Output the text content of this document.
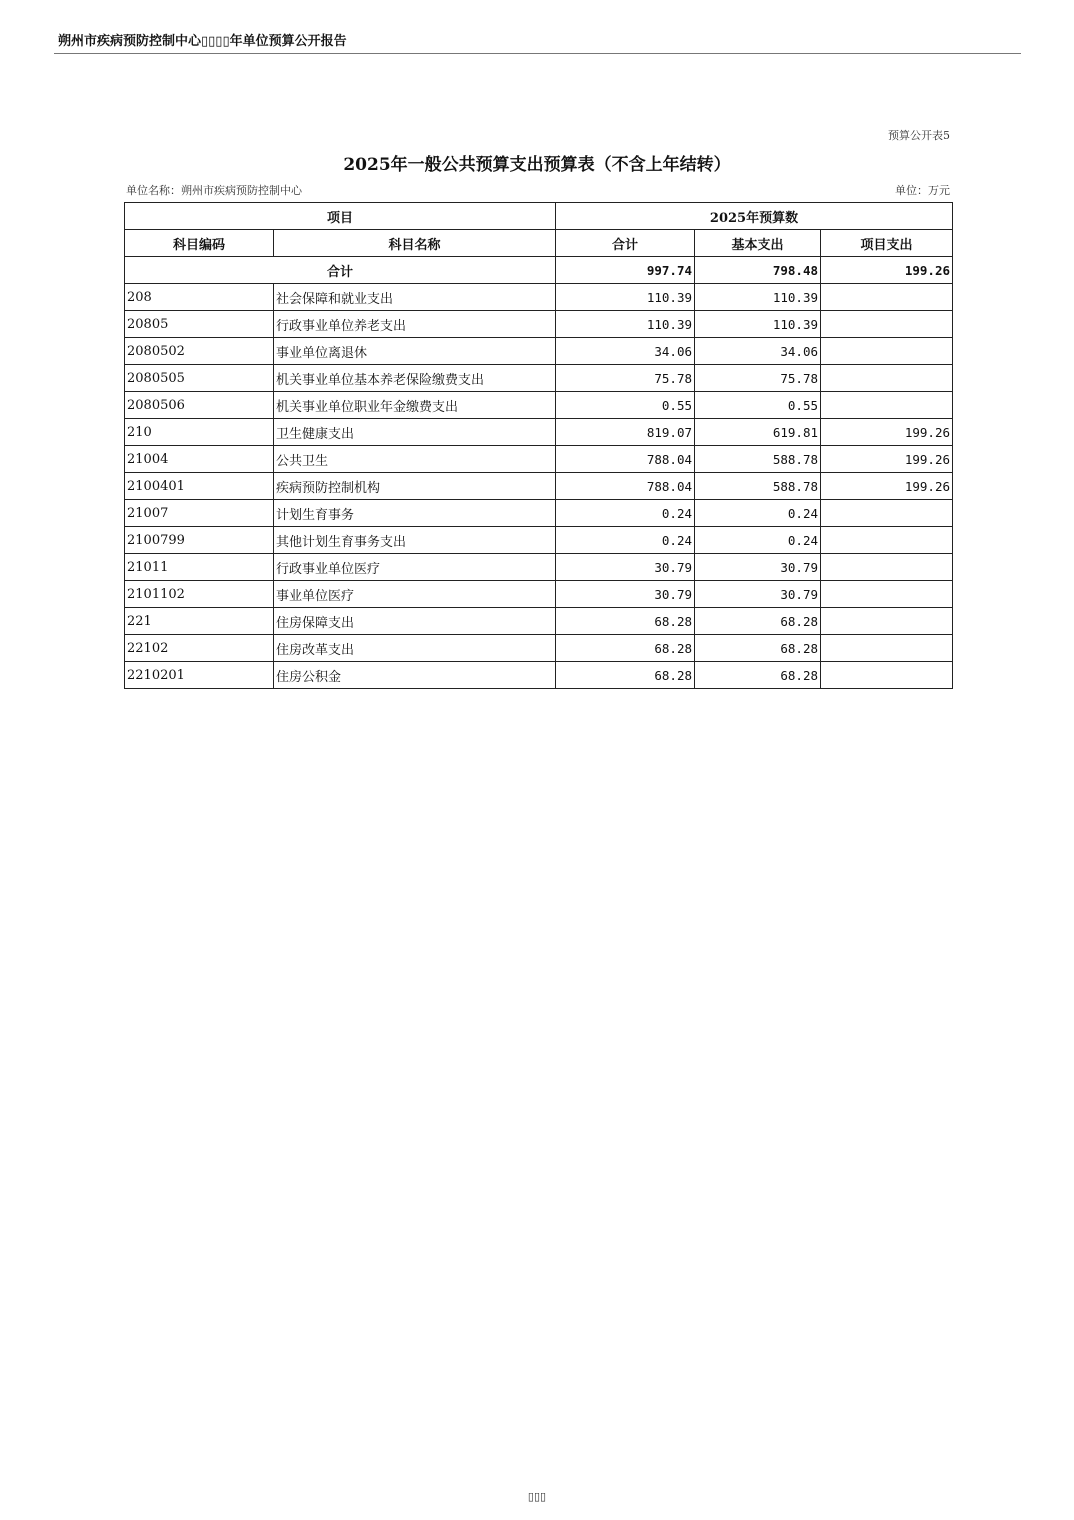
朔州市疾病预防控制中心▯▯▯▯年单位预算公开报告
预算公开表5
2025年一般公共预算支出预算表（不含上年结转）
单位名称：朔州市疾病预防控制中心	单位：万元
项目		2025年预算数		
科目编码	科目名称	合计	基本支出	项目支出
合计		997.74	798.48	199.26
208	社会保障和就业支出	110.39	110.39	
20805	行政事业单位养老支出	110.39	110.39	
2080502	事业单位离退休	34.06	34.06	
2080505	机关事业单位基本养老保险缴费支出	75.78	75.78	
2080506	机关事业单位职业年金缴费支出	0.55	0.55	
210	卫生健康支出	819.07	619.81	199.26
21004	公共卫生	788.04	588.78	199.26
2100401	疾病预防控制机构	788.04	588.78	199.26
21007	计划生育事务	0.24	0.24	
2100799	其他计划生育事务支出	0.24	0.24	
21011	行政事业单位医疗	30.79	30.79	
2101102	事业单位医疗	30.79	30.79	
221	住房保障支出	68.28	68.28	
22102	住房改革支出	68.28	68.28	
2210201	住房公积金	68.28	68.28	
▯▯▯
